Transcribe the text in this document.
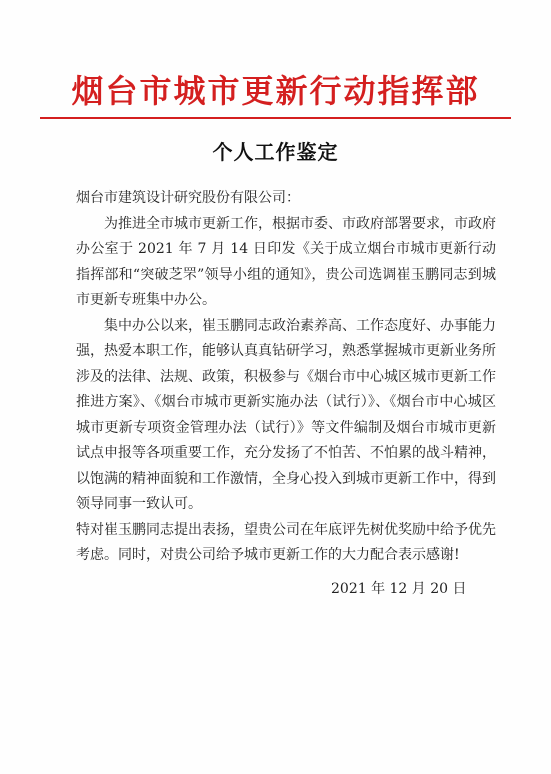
烟台市城市更新行动指挥部
个人工作鉴定

烟台市建筑设计研究股份有限公司：

为推进全市城市更新工作，根据市委、市政府部署要求，市政府办公室于 2021 年 7 月 14 日印发《关于成立烟台市城市更新行动指挥部和“突破芝罘”领导小组的通知》，贵公司选调崔玉鹏同志到城市更新专班集中办公。

集中办公以来，崔玉鹏同志政治素养高、工作态度好、办事能力强，热爱本职工作，能够认真真钻研学习，熟悉掌握城市更新业务所涉及的法律、法规、政策，积极参与《烟台市中心城区城市更新工作推进方案》、《烟台市城市更新实施办法（试行）》、《烟台市中心城区城市更新专项资金管理办法（试行）》等文件编制及烟台市城市更新试点申报等各项重要工作，充分发扬了不怕苦、不怕累的战斗精神，以饱满的精神面貌和工作激情，全身心投入到城市更新工作中，得到领导同事一致认可。

特对崔玉鹏同志提出表扬，望贵公司在年底评先树优奖励中给予优先考虑。同时，对贵公司给予城市更新工作的大力配合表示感谢!

2021 年 12 月 20 日
